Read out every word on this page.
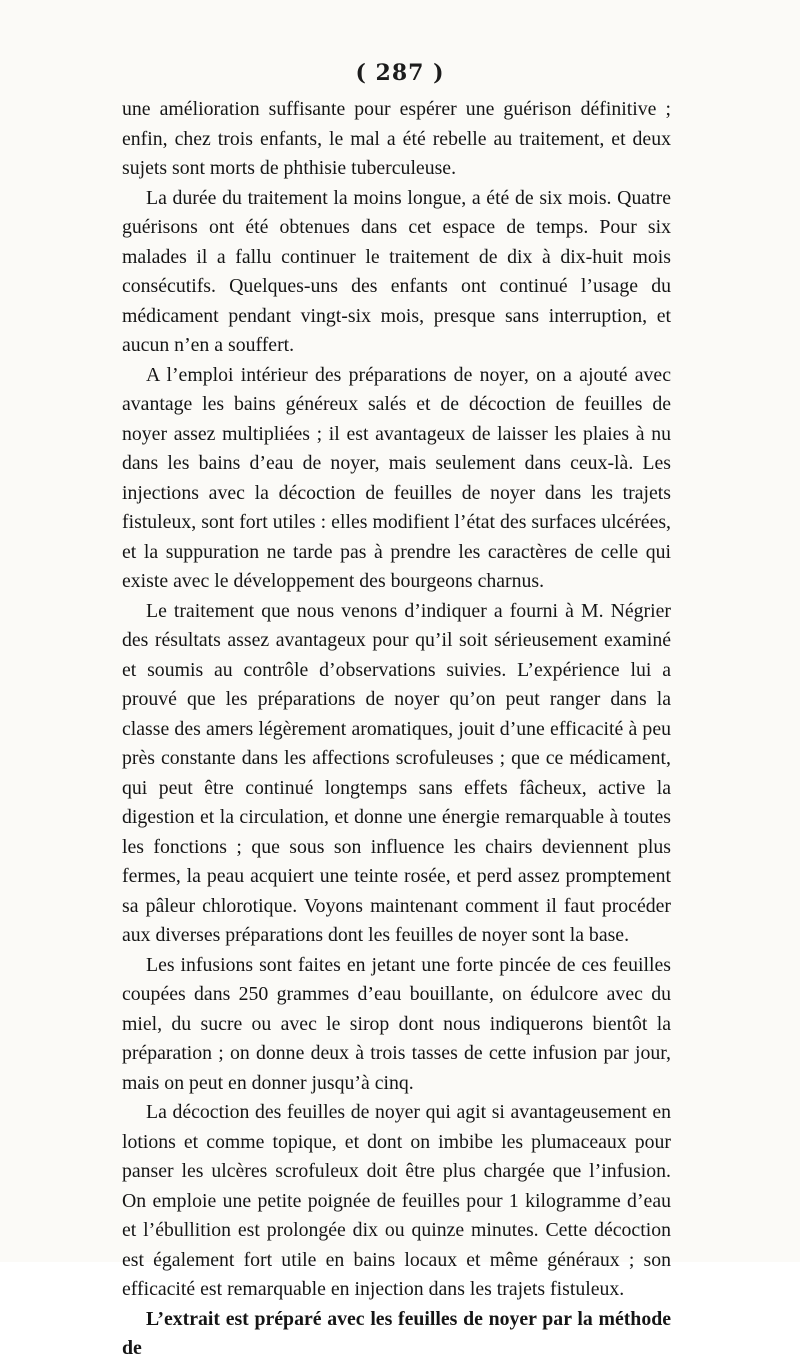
( 287 )

une amélioration suffisante pour espérer une guérison définitive ; enfin, chez trois enfants, le mal a été rebelle au traitement, et deux sujets sont morts de phthisie tuberculeuse.

La durée du traitement la moins longue, a été de six mois. Quatre guérisons ont été obtenues dans cet espace de temps. Pour six malades il a fallu continuer le traitement de dix à dix-huit mois consécutifs. Quelques-uns des enfants ont continué l’usage du médicament pendant vingt-six mois, presque sans interruption, et aucun n’en a souffert.

A l’emploi intérieur des préparations de noyer, on a ajouté avec avantage les bains généreux salés et de décoction de feuilles de noyer assez multipliées ; il est avantageux de laisser les plaies à nu dans les bains d’eau de noyer, mais seulement dans ceux-là. Les injections avec la décoction de feuilles de noyer dans les trajets fistuleux, sont fort utiles : elles modifient l’état des surfaces ulcérées, et la suppuration ne tarde pas à prendre les caractères de celle qui existe avec le développement des bourgeons charnus.

Le traitement que nous venons d’indiquer a fourni à M. Négrier des résultats assez avantageux pour qu’il soit sérieusement examiné et soumis au contrôle d’observations suivies. L’expérience lui a prouvé que les préparations de noyer qu’on peut ranger dans la classe des amers légèrement aromatiques, jouit d’une efficacité à peu près constante dans les affections scrofuleuses ; que ce médicament, qui peut être continué longtemps sans effets fâcheux, active la digestion et la circulation, et donne une énergie remarquable à toutes les fonctions ; que sous son influence les chairs deviennent plus fermes, la peau acquiert une teinte rosée, et perd assez promptement sa pâleur chlorotique. Voyons maintenant comment il faut procéder aux diverses préparations dont les feuilles de noyer sont la base.

Les infusions sont faites en jetant une forte pincée de ces feuilles coupées dans 250 grammes d’eau bouillante, on édulcore avec du miel, du sucre ou avec le sirop dont nous indiquerons bientôt la préparation ; on donne deux à trois tasses de cette infusion par jour, mais on peut en donner jusqu’à cinq.

La décoction des feuilles de noyer qui agit si avantageusement en lotions et comme topique, et dont on imbibe les plumaceaux pour panser les ulcères scrofuleux doit être plus chargée que l’infusion. On emploie une petite poignée de feuilles pour 1 kilogramme d’eau et l’ébullition est prolongée dix ou quinze minutes. Cette décoction est également fort utile en bains locaux et même généraux ; son efficacité est remarquable en injection dans les trajets fistuleux.

L’extrait est préparé avec les feuilles de noyer par la méthode de
